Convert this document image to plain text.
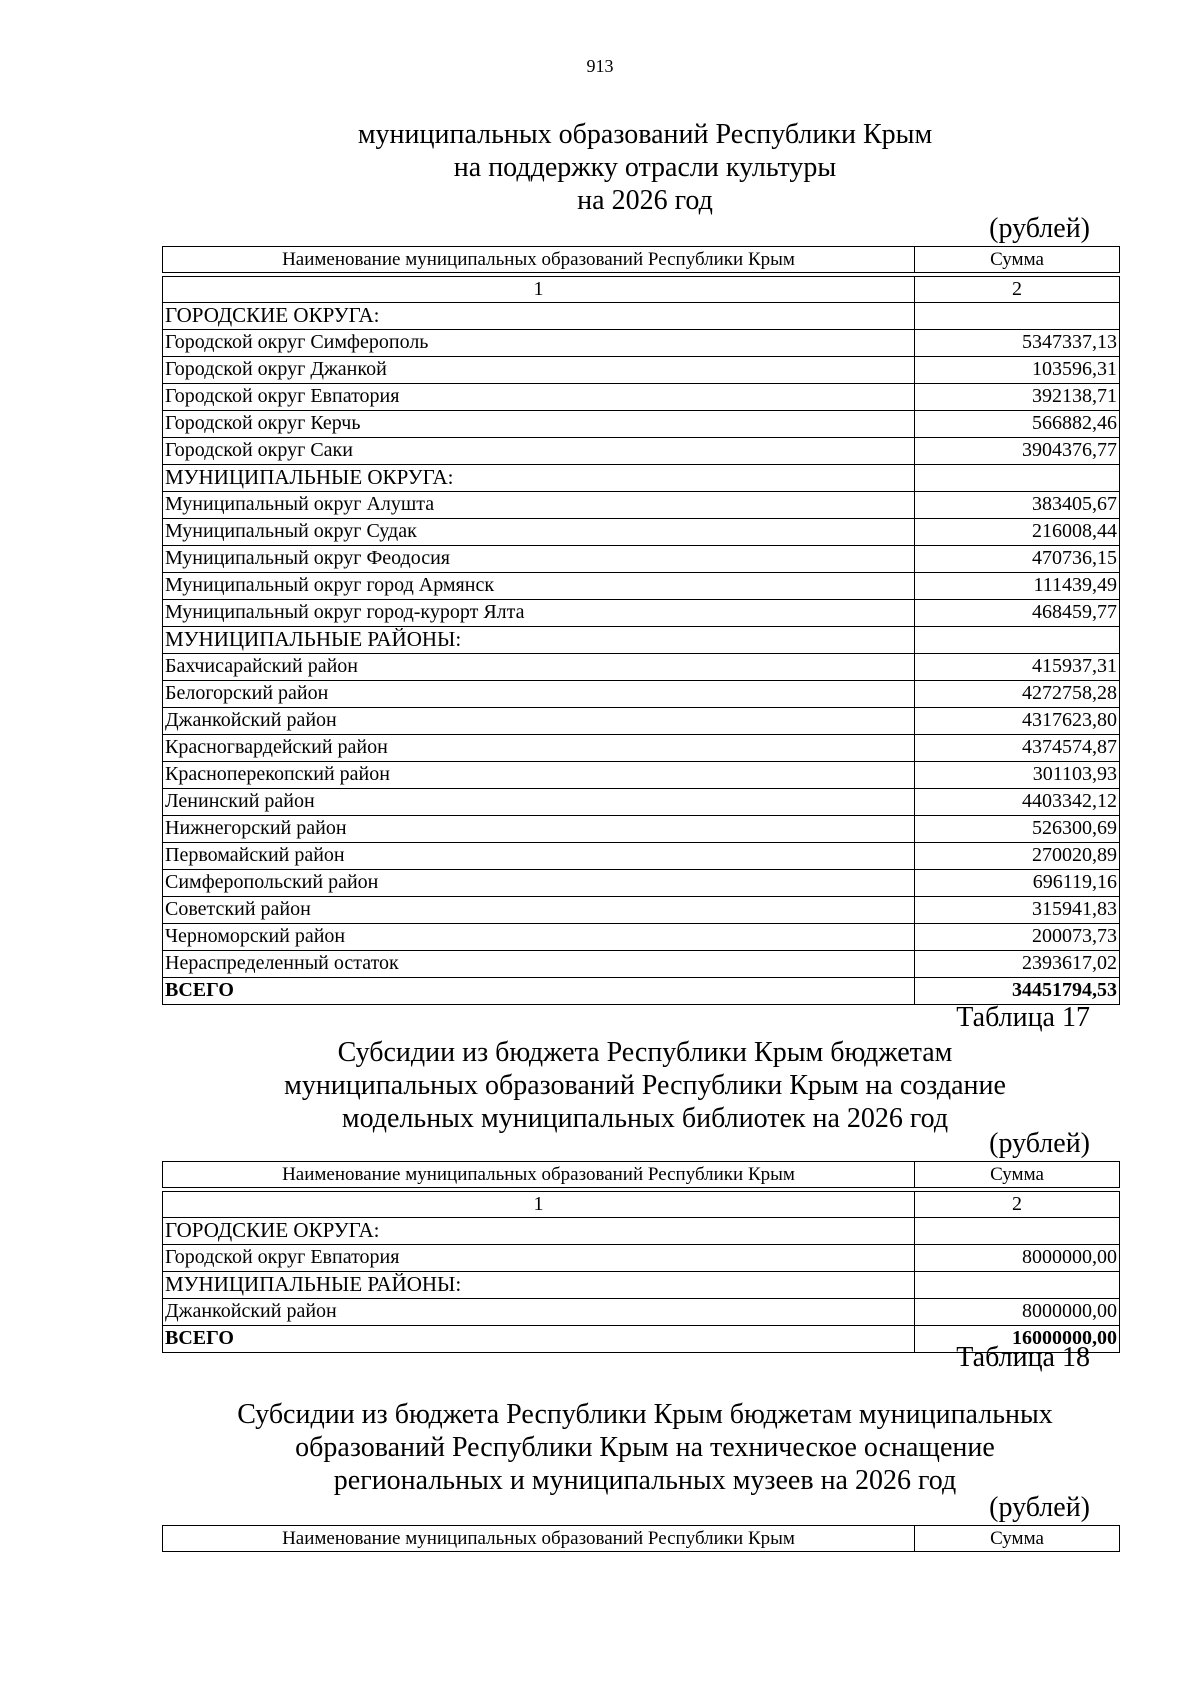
913
муниципальных образований Республики Крым
на поддержку отрасли культуры
на 2026 год
(рублей)
Наименование муниципальных образований Республики Крым	Сумма
1	2
ГОРОДСКИЕ ОКРУГА:
Городской округ Симферополь	5347337,13
Городской округ Джанкой	103596,31
Городской округ Евпатория	392138,71
Городской округ Керчь	566882,46
Городской округ Саки	3904376,77
МУНИЦИПАЛЬНЫЕ ОКРУГА:
Муниципальный округ Алушта	383405,67
Муниципальный округ Судак	216008,44
Муниципальный округ Феодосия	470736,15
Муниципальный округ город Армянск	111439,49
Муниципальный округ город-курорт Ялта	468459,77
МУНИЦИПАЛЬНЫЕ РАЙОНЫ:
Бахчисарайский район	415937,31
Белогорский район	4272758,28
Джанкойский район	4317623,80
Красногвардейский район	4374574,87
Красноперекопский район	301103,93
Ленинский район	4403342,12
Нижнегорский район	526300,69
Первомайский район	270020,89
Симферопольский район	696119,16
Советский район	315941,83
Черноморский район	200073,73
Нераспределенный остаток	2393617,02
ВСЕГО	34451794,53
Таблица 17
Субсидии из бюджета Республики Крым бюджетам
муниципальных образований Республики Крым на создание
модельных муниципальных библиотек на 2026 год
(рублей)
Наименование муниципальных образований Республики Крым	Сумма
1	2
ГОРОДСКИЕ ОКРУГА:
Городской округ Евпатория	8000000,00
МУНИЦИПАЛЬНЫЕ РАЙОНЫ:
Джанкойский район	8000000,00
ВСЕГО	16000000,00
Таблица 18
Субсидии из бюджета Республики Крым бюджетам муниципальных
образований Республики Крым на техническое оснащение
региональных и муниципальных музеев на 2026 год
(рублей)
Наименование муниципальных образований Республики Крым	Сумма
